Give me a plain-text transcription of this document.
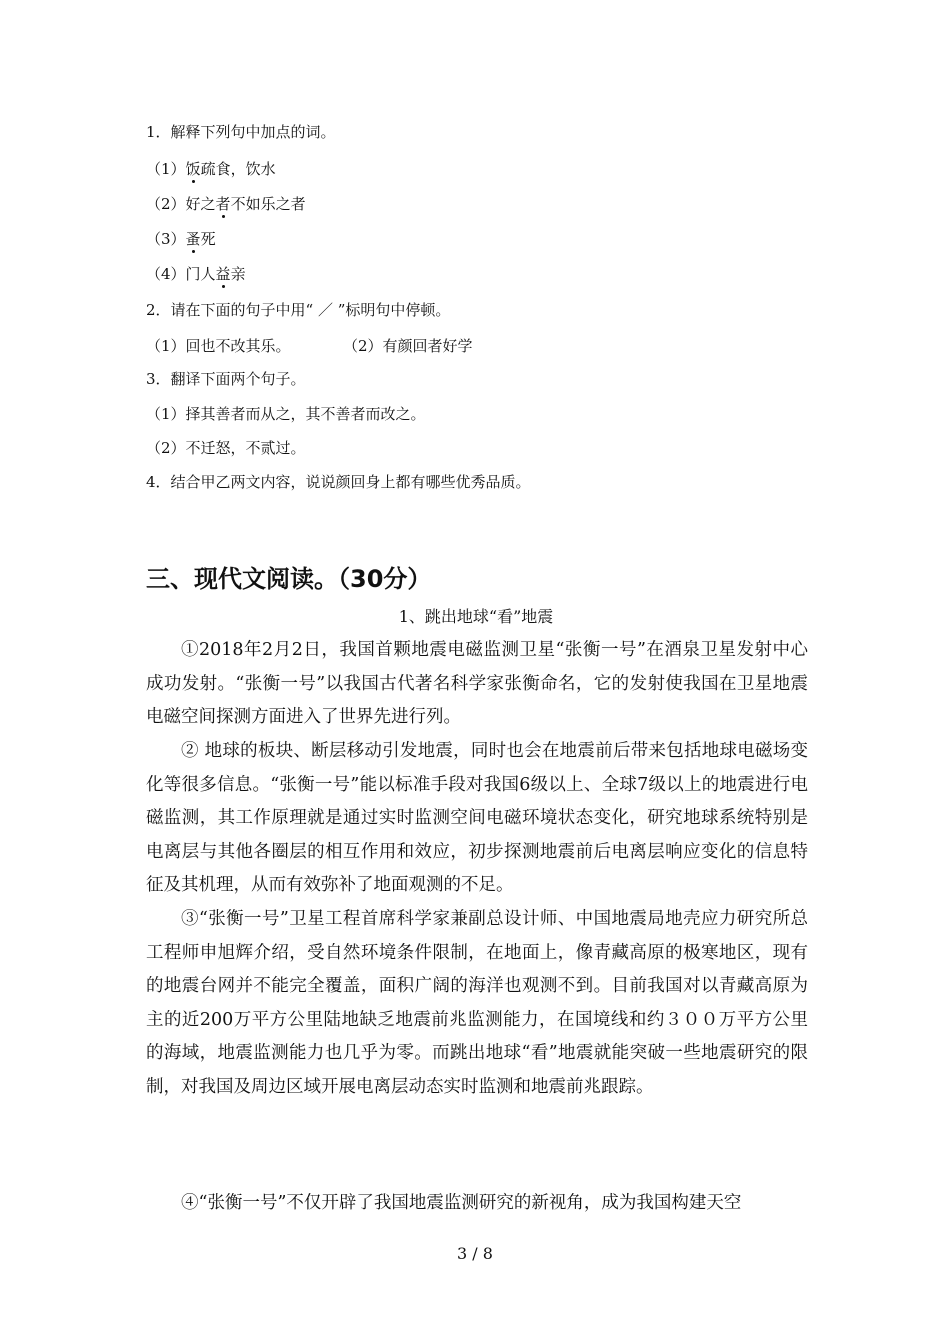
1．解释下列句中加点的词。
（1）饭疏食，饮水
（2）好之者不如乐之者
（3）蚤死
（4）门人益亲
2．请在下面的句子中用“ ／ ”标明句中停顿。
（1）回也不改其乐。	（2）有颜回者好学
3．翻译下面两个句子。
（1）择其善者而从之，其不善者而改之。
（2）不迁怒，不贰过。
4．结合甲乙两文内容，说说颜回身上都有哪些优秀品质。
三、现代文阅读。（30分）
1、跳出地球“看”地震

①2018年2月2日，我国首颗地震电磁监测卫星“张衡一号”在酒泉卫星发射中心成功发射。“张衡一号”以我国古代著名科学家张衡命名，它的发射使我国在卫星地震电磁空间探测方面进入了世界先进行列。

② 地球的板块、断层移动引发地震，同时也会在地震前后带来包括地球电磁场变化等很多信息。“张衡一号”能以标准手段对我国6级以上、全球7级以上的地震进行电磁监测，其工作原理就是通过实时监测空间电磁环境状态变化，研究地球系统特别是电离层与其他各圈层的相互作用和效应，初步探测地震前后电离层响应变化的信息特征及其机理，从而有效弥补了地面观测的不足。

③“张衡一号”卫星工程首席科学家兼副总设计师、中国地震局地壳应力研究所总工程师申旭辉介绍，受自然环境条件限制，在地面上，像青藏高原的极寒地区，现有的地震台网并不能完全覆盖，面积广阔的海洋也观测不到。目前我国对以青藏高原为主的近200万平方公里陆地缺乏地震前兆监测能力，在国境线和约３００万平方公里的海域，地震监测能力也几乎为零。而跳出地球“看”地震就能突破一些地震研究的限制，对我国及周边区域开展电离层动态实时监测和地震前兆跟踪。

④“张衡一号”不仅开辟了我国地震监测研究的新视角，成为我国构建天空

3 / 8
